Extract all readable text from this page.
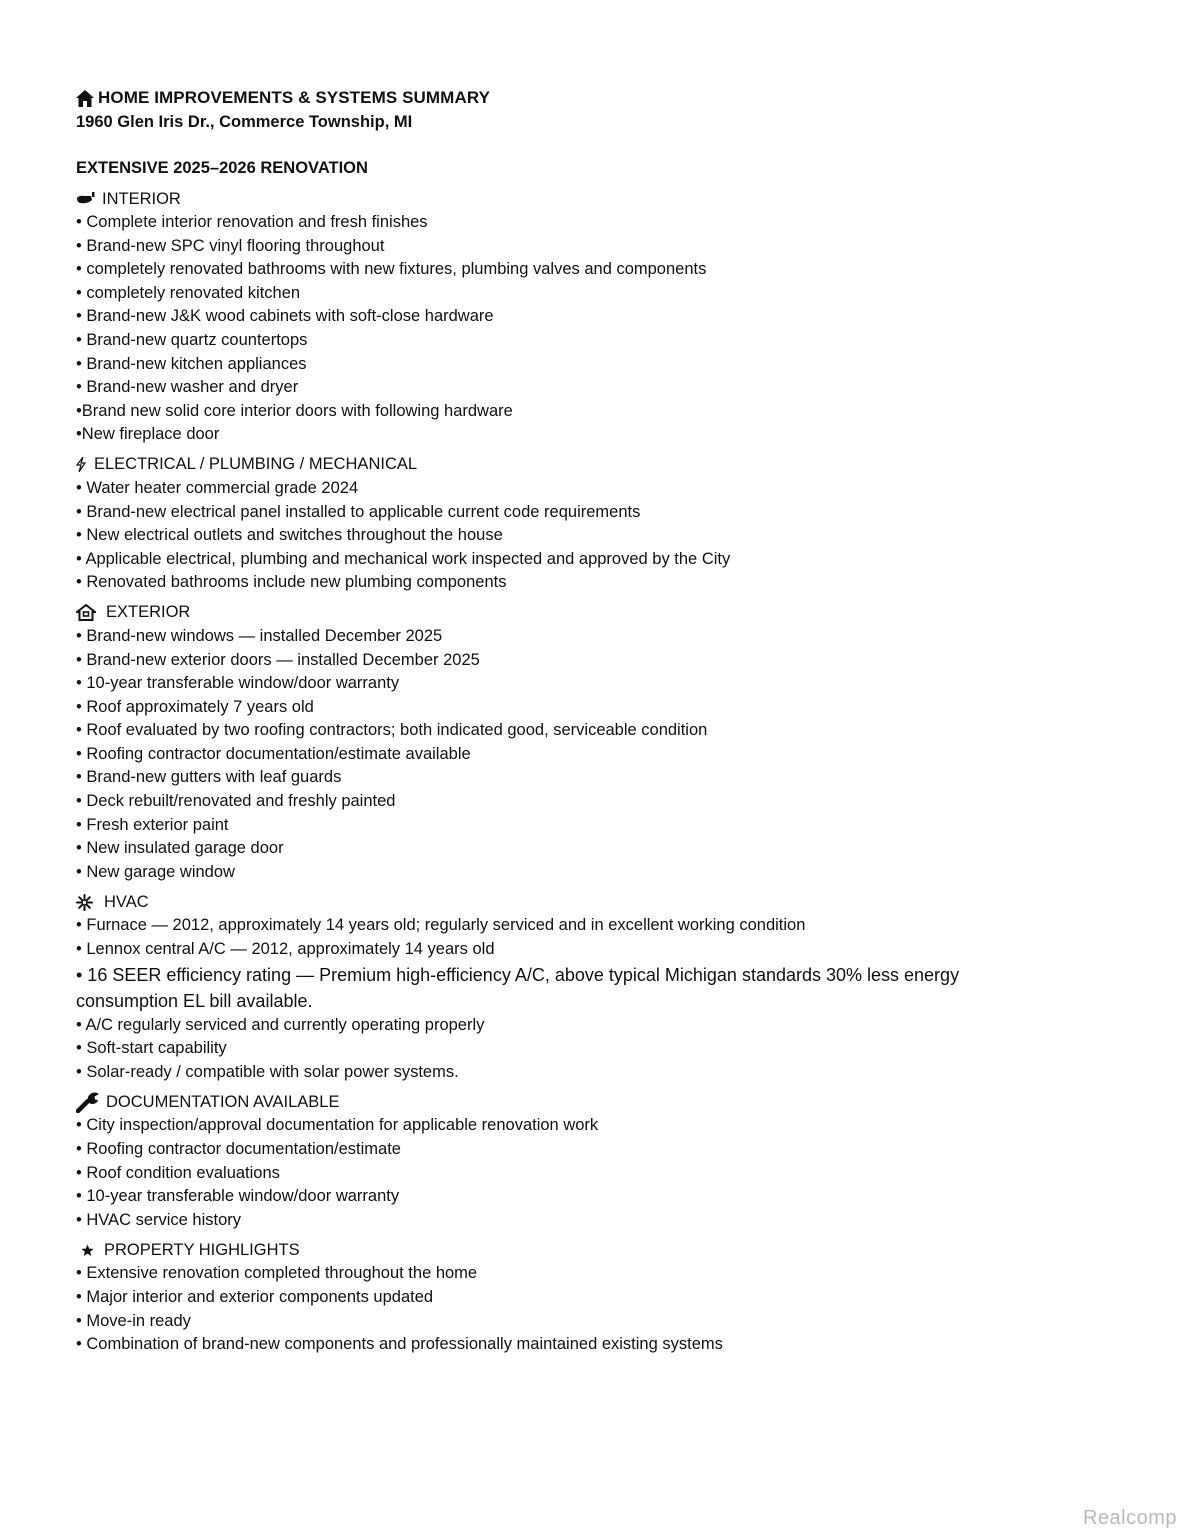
HOME IMPROVEMENTS & SYSTEMS SUMMARY
1960 Glen Iris Dr., Commerce Township, MI
EXTENSIVE 2025–2026 RENOVATION
INTERIOR
• Complete interior renovation and fresh finishes
• Brand-new SPC vinyl flooring throughout
• completely renovated bathrooms with new fixtures, plumbing valves and components
• completely renovated kitchen
• Brand-new J&K wood cabinets with soft-close hardware
• Brand-new quartz countertops
• Brand-new kitchen appliances
• Brand-new washer and dryer
•Brand new solid core interior doors with following hardware
•New fireplace door
ELECTRICAL / PLUMBING / MECHANICAL
• Water heater commercial grade 2024
• Brand-new electrical panel installed to applicable current code requirements
• New electrical outlets and switches throughout the house
• Applicable electrical, plumbing and mechanical work inspected and approved by the City
• Renovated bathrooms include new plumbing components
EXTERIOR
• Brand-new windows — installed December 2025
• Brand-new exterior doors — installed December 2025
• 10-year transferable window/door warranty
• Roof approximately 7 years old
• Roof evaluated by two roofing contractors; both indicated good, serviceable condition
• Roofing contractor documentation/estimate available
• Brand-new gutters with leaf guards
• Deck rebuilt/renovated and freshly painted
• Fresh exterior paint
• New insulated garage door
• New garage window
HVAC
• Furnace — 2012, approximately 14 years old; regularly serviced and in excellent working condition
• Lennox central A/C — 2012, approximately 14 years old
• 16 SEER efficiency rating — Premium high-efficiency A/C, above typical Michigan standards 30% less energy consumption EL bill available.
• A/C regularly serviced and currently operating properly
• Soft-start capability
• Solar-ready / compatible with solar power systems.
DOCUMENTATION AVAILABLE
• City inspection/approval documentation for applicable renovation work
• Roofing contractor documentation/estimate
• Roof condition evaluations
• 10-year transferable window/door warranty
• HVAC service history
PROPERTY HIGHLIGHTS
• Extensive renovation completed throughout the home
• Major interior and exterior components updated
• Move-in ready
• Combination of brand-new components and professionally maintained existing systems
Realcomp
